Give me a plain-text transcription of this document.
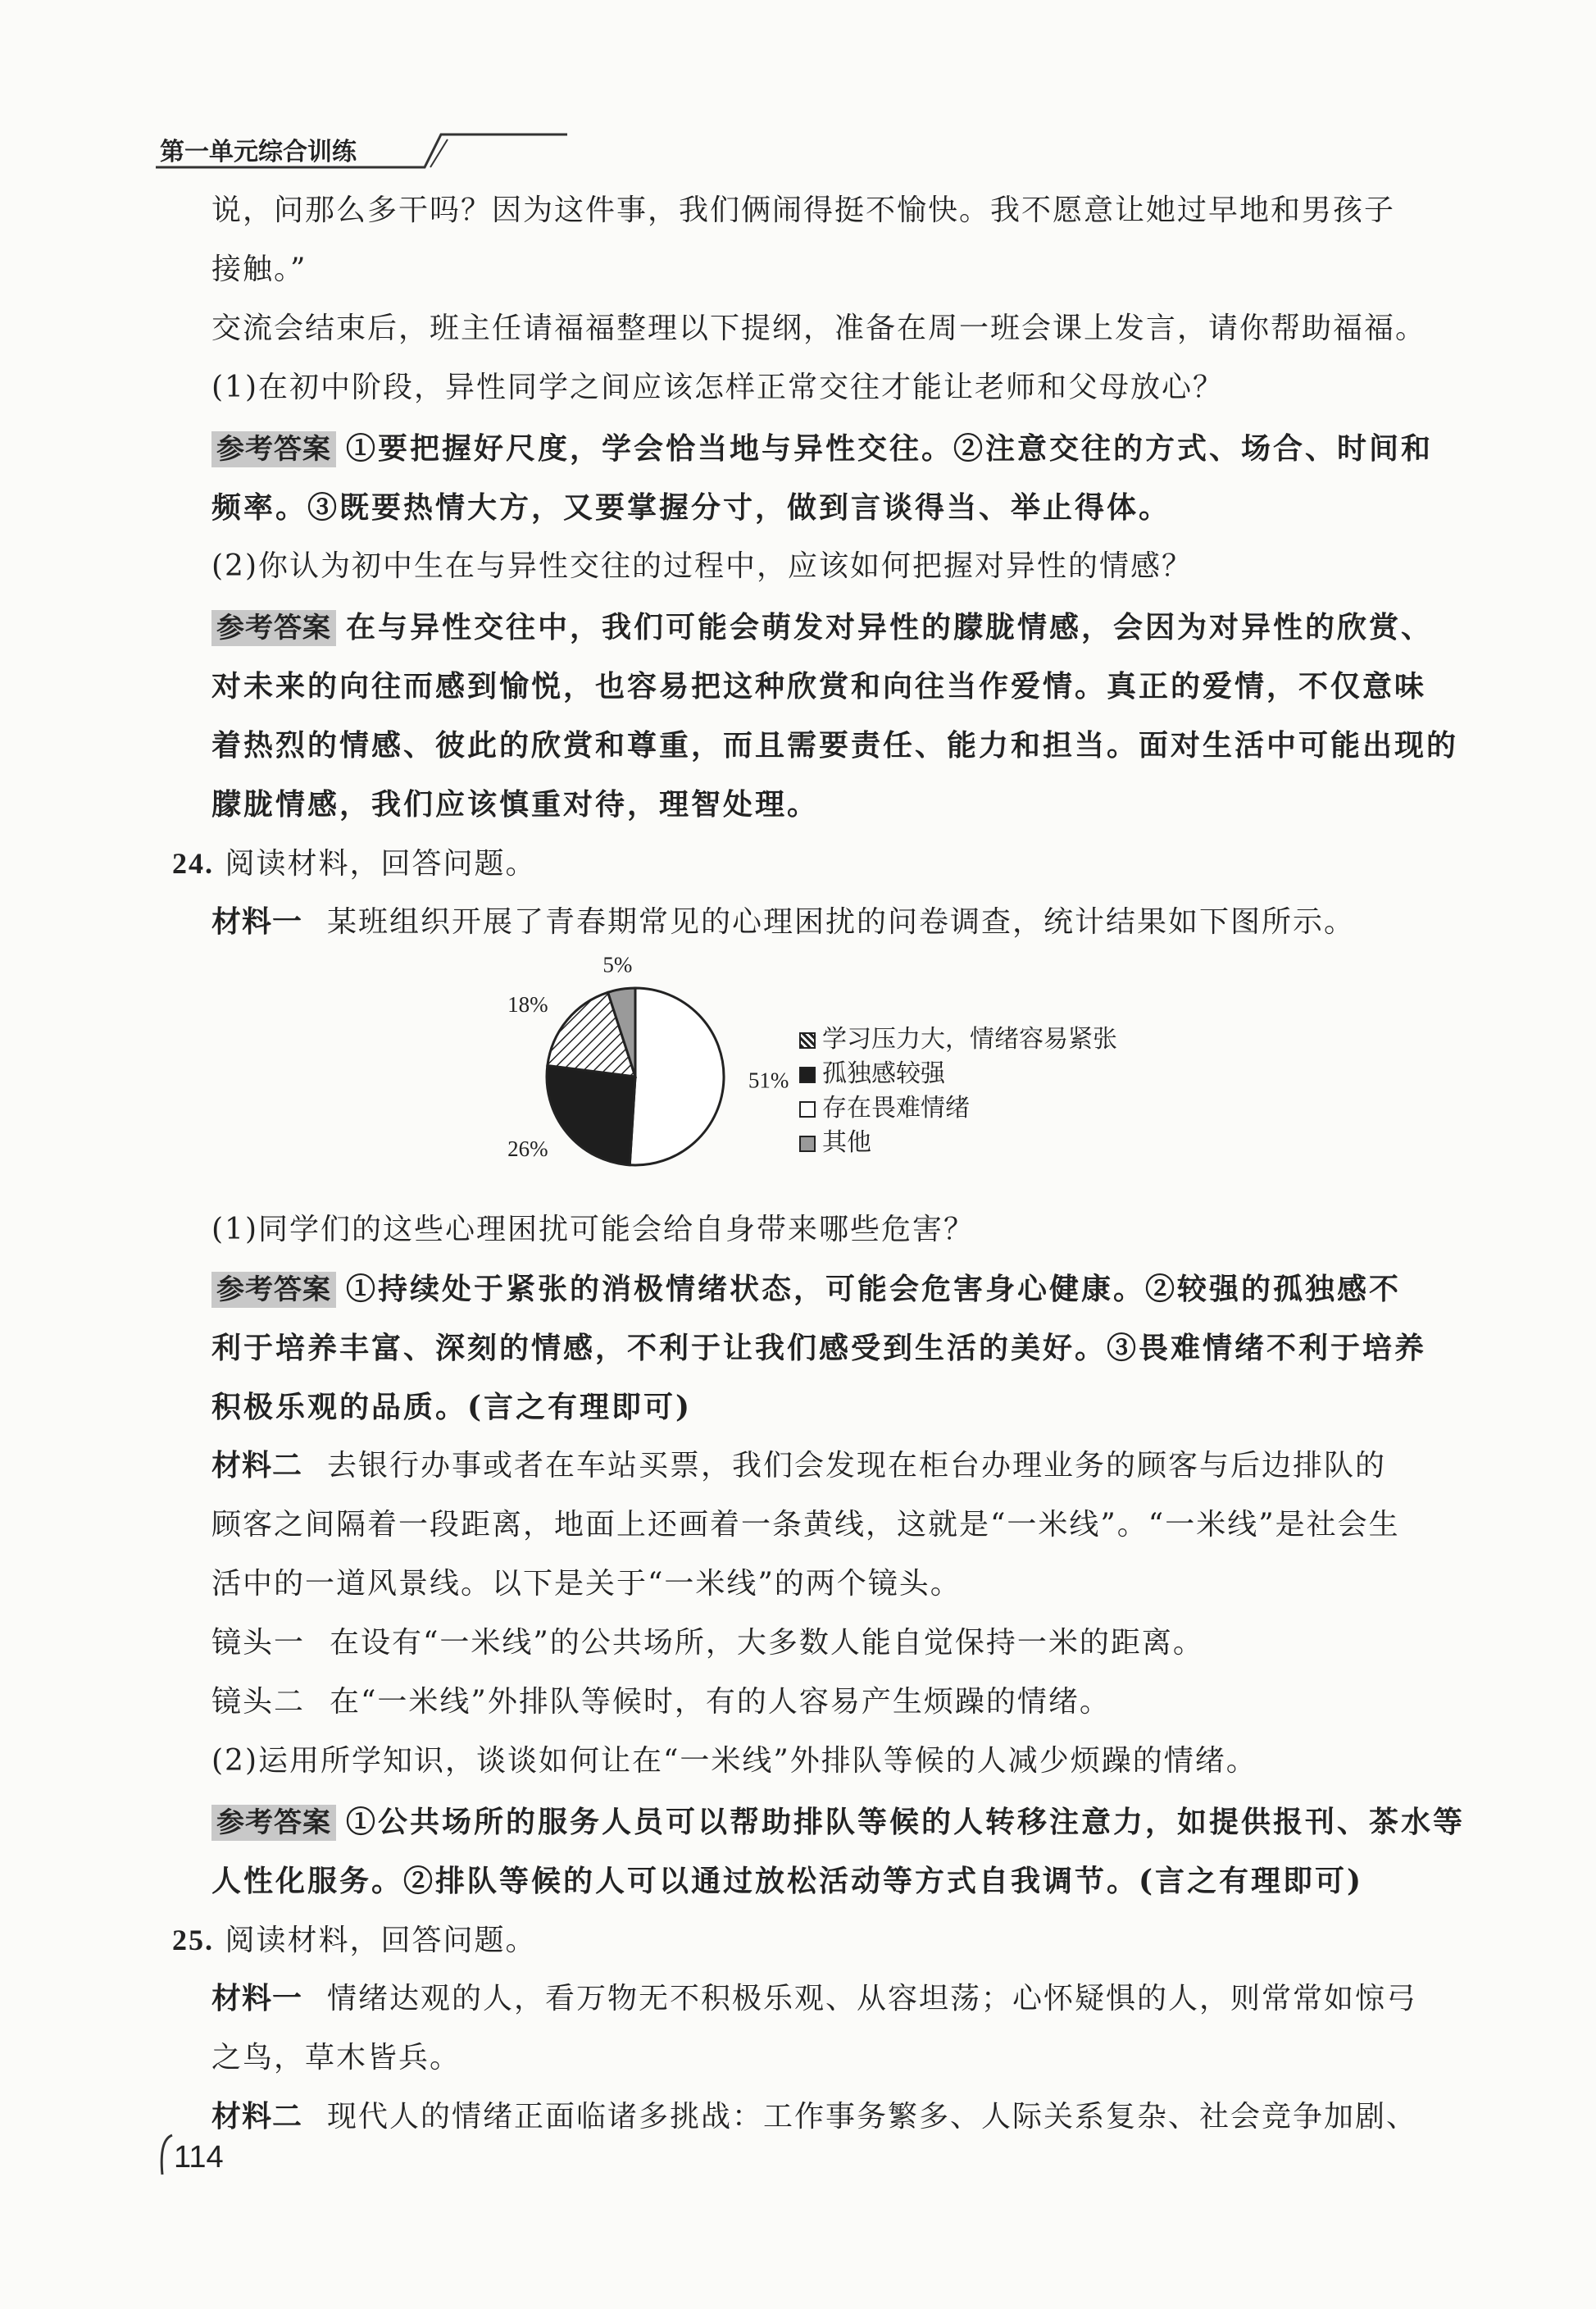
第一单元综合训练
说，问那么多干吗？因为这件事，我们俩闹得挺不愉快。我不愿意让她过早地和男孩子
接触。”
交流会结束后，班主任请福福整理以下提纲，准备在周一班会课上发言，请你帮助福福。
(1)在初中阶段，异性同学之间应该怎样正常交往才能让老师和父母放心？
参考答案 ①要把握好尺度，学会恰当地与异性交往。②注意交往的方式、场合、时间和
频率。③既要热情大方，又要掌握分寸，做到言谈得当、举止得体。
(2)你认为初中生在与异性交往的过程中，应该如何把握对异性的情感？
参考答案 在与异性交往中，我们可能会萌发对异性的朦胧情感，会因为对异性的欣赏、
对未来的向往而感到愉悦，也容易把这种欣赏和向往当作爱情。真正的爱情，不仅意味
着热烈的情感、彼此的欣赏和尊重，而且需要责任、能力和担当。面对生活中可能出现的
朦胧情感，我们应该慎重对待，理智处理。
24. 阅读材料，回答问题。
材料一 某班组织开展了青春期常见的心理困扰的问卷调查，统计结果如下图所示。
51%
26%
18%
5%
学习压力大，情绪容易紧张
孤独感较强
存在畏难情绪
其他
(1)同学们的这些心理困扰可能会给自身带来哪些危害？
参考答案 ①持续处于紧张的消极情绪状态，可能会危害身心健康。②较强的孤独感不
利于培养丰富、深刻的情感，不利于让我们感受到生活的美好。③畏难情绪不利于培养
积极乐观的品质。(言之有理即可)
材料二 去银行办事或者在车站买票，我们会发现在柜台办理业务的顾客与后边排队的
顾客之间隔着一段距离，地面上还画着一条黄线，这就是“一米线”。“一米线”是社会生
活中的一道风景线。以下是关于“一米线”的两个镜头。
镜头一 在设有“一米线”的公共场所，大多数人能自觉保持一米的距离。
镜头二 在“一米线”外排队等候时，有的人容易产生烦躁的情绪。
(2)运用所学知识，谈谈如何让在“一米线”外排队等候的人减少烦躁的情绪。
参考答案 ①公共场所的服务人员可以帮助排队等候的人转移注意力，如提供报刊、茶水等
人性化服务。②排队等候的人可以通过放松活动等方式自我调节。(言之有理即可)
25. 阅读材料，回答问题。
材料一 情绪达观的人，看万物无不积极乐观、从容坦荡；心怀疑惧的人，则常常如惊弓
之鸟，草木皆兵。
材料二 现代人的情绪正面临诸多挑战：工作事务繁多、人际关系复杂、社会竞争加剧、
114
